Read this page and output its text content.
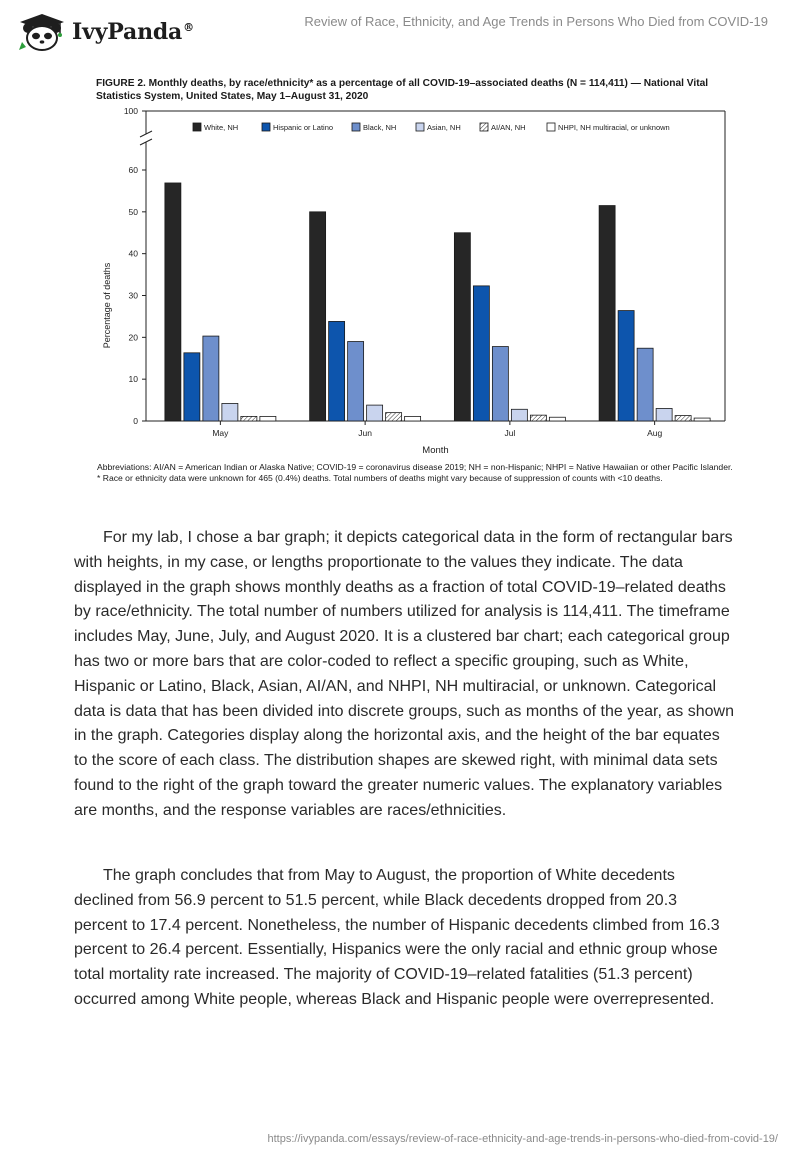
IvyPanda®	Review of Race, Ethnicity, and Age Trends in Persons Who Died from COVID-19
FIGURE 2. Monthly deaths, by race/ethnicity* as a percentage of all COVID-19–associated deaths (N = 114,411) — National Vital Statistics System, United States, May 1–August 31, 2020
0
10
20
30
40
50
60
100
Percentage of deaths
Month
May	Jun	Jul	Aug
White, NH	Hispanic or Latino	Black, NH	Asian, NH	AI/AN, NH	NHPI, NH multiracial, or unknown
Abbreviations: AI/AN = American Indian or Alaska Native; COVID-19 = coronavirus disease 2019; NH = non-Hispanic; NHPI = Native Hawaiian or other Pacific Islander.
* Race or ethnicity data were unknown for 465 (0.4%) deaths. Total numbers of deaths might vary because of suppression of counts with <10 deaths.

For my lab, I chose a bar graph; it depicts categorical data in the form of rectangular bars with heights, in my case, or lengths proportionate to the values they indicate. The data displayed in the graph shows monthly deaths as a fraction of total COVID-19–related deaths by race/ethnicity. The total number of numbers utilized for analysis is 114,411. The timeframe includes May, June, July, and August 2020. It is a clustered bar chart; each categorical group has two or more bars that are color-coded to reflect a specific grouping, such as White, Hispanic or Latino, Black, Asian, AI/AN, and NHPI, NH multiracial, or unknown. Categorical data is data that has been divided into discrete groups, such as months of the year, as shown in the graph. Categories display along the horizontal axis, and the height of the bar equates to the score of each class. The distribution shapes are skewed right, with minimal data sets found to the right of the graph toward the greater numeric values. The explanatory variables are months, and the response variables are races/ethnicities.

The graph concludes that from May to August, the proportion of White decedents declined from 56.9 percent to 51.5 percent, while Black decedents dropped from 20.3 percent to 17.4 percent. Nonetheless, the number of Hispanic decedents climbed from 16.3 percent to 26.4 percent. Essentially, Hispanics were the only racial and ethnic group whose total mortality rate increased. The majority of COVID-19–related fatalities (51.3 percent) occurred among White people, whereas Black and Hispanic people were overrepresented.

https://ivypanda.com/essays/review-of-race-ethnicity-and-age-trends-in-persons-who-died-from-covid-19/
